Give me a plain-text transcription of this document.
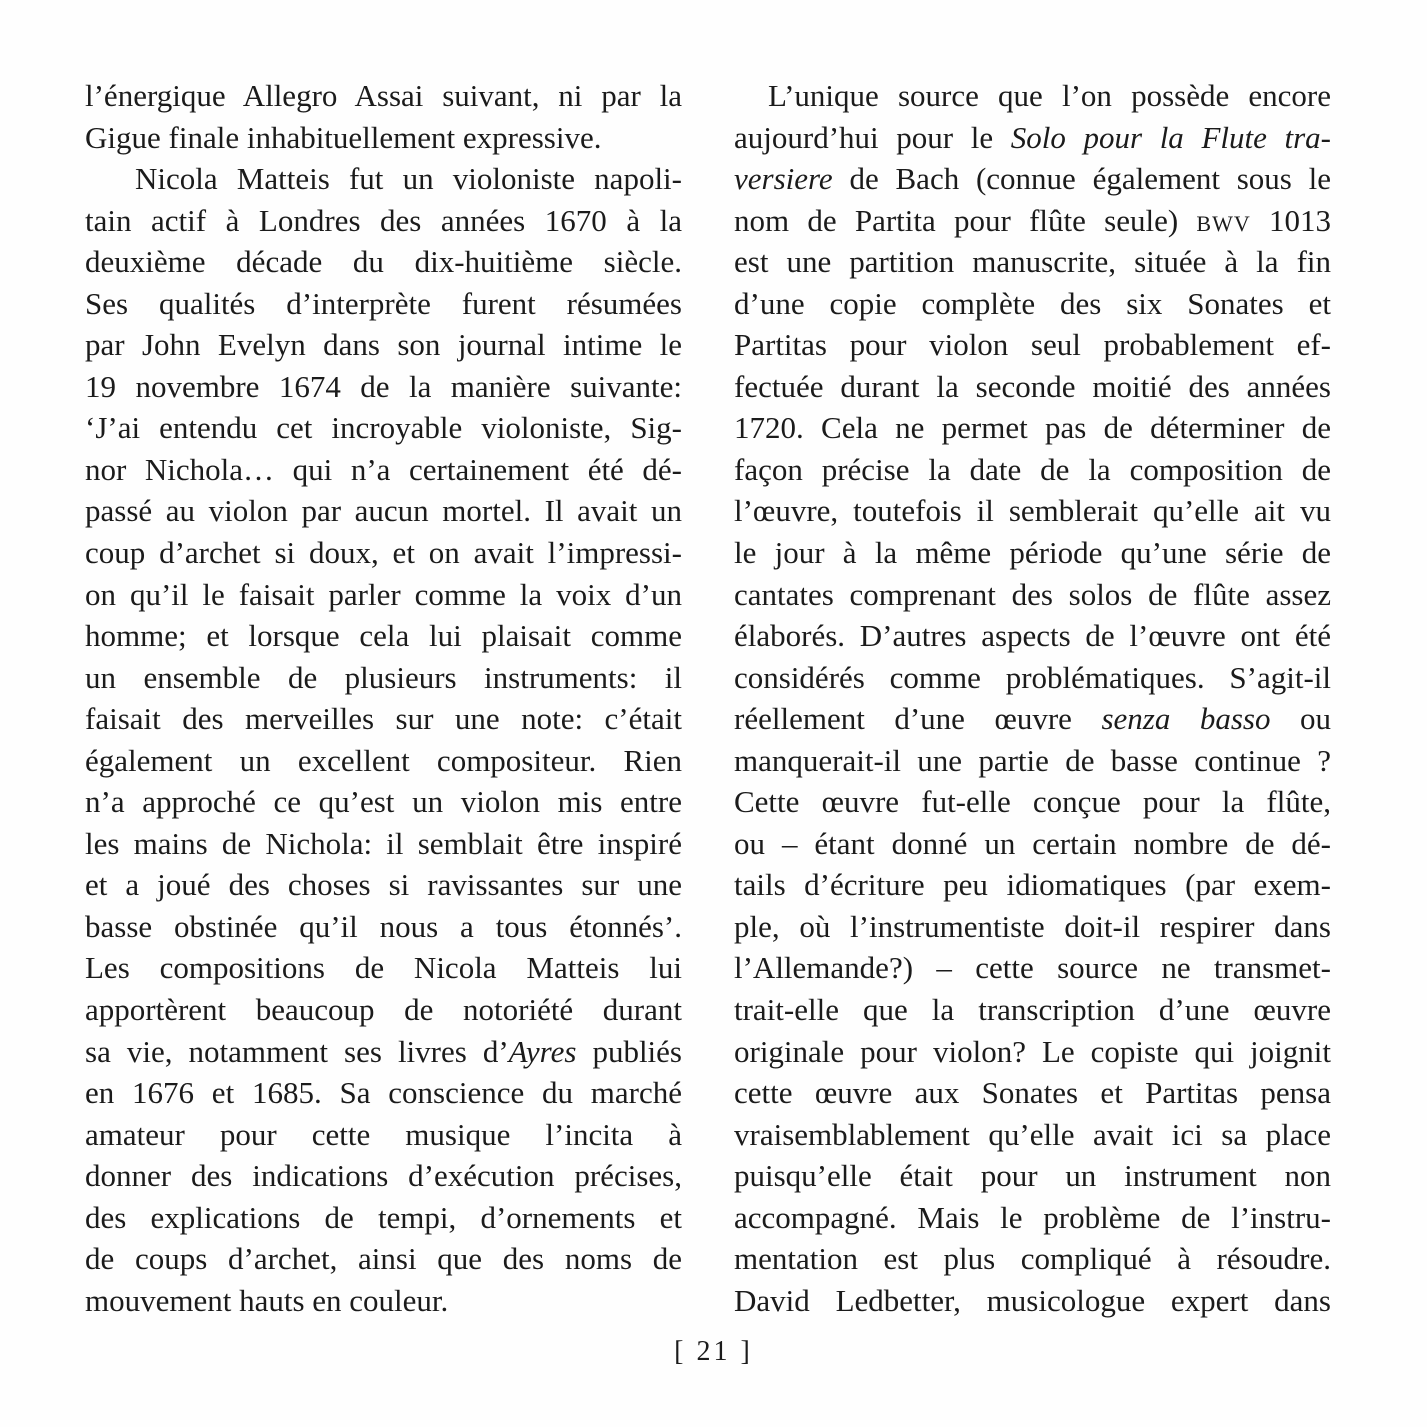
l’énergique Allegro Assai suivant, ni par la
Gigue finale inhabituellement expressive.
Nicola Matteis fut un violoniste napoli-
tain actif à Londres des années 1670 à la
deuxième décade du dix-huitième siècle.
Ses qualités d’interprète furent résumées
par John Evelyn dans son journal intime le
19 novembre 1674 de la manière suivante:
‘J’ai entendu cet incroyable violoniste, Sig-
nor Nichola… qui n’a certainement été dé-
passé au violon par aucun mortel. Il avait un
coup d’archet si doux, et on avait l’impressi-
on qu’il le faisait parler comme la voix d’un
homme; et lorsque cela lui plaisait comme
un ensemble de plusieurs instruments: il
faisait des merveilles sur une note: c’était
également un excellent compositeur. Rien
n’a approché ce qu’est un violon mis entre
les mains de Nichola: il semblait être inspiré
et a joué des choses si ravissantes sur une
basse obstinée qu’il nous a tous étonnés’.
Les compositions de Nicola Matteis lui
apportèrent beaucoup de notoriété durant
sa vie, notamment ses livres d’Ayres publiés
en 1676 et 1685. Sa conscience du marché
amateur pour cette musique l’incita à
donner des indications d’exécution précises,
des explications de tempi, d’ornements et
de coups d’archet, ainsi que des noms de
mouvement hauts en couleur.
L’unique source que l’on possède encore
aujourd’hui pour le Solo pour la Flute tra-
versiere de Bach (connue également sous le
nom de Partita pour flûte seule) bwv 1013
est une partition manuscrite, située à la fin
d’une copie complète des six Sonates et
Partitas pour violon seul probablement ef-
fectuée durant la seconde moitié des années
1720. Cela ne permet pas de déterminer de
façon précise la date de la composition de
l’œuvre, toutefois il semblerait qu’elle ait vu
le jour à la même période qu’une série de
cantates comprenant des solos de flûte assez
élaborés. D’autres aspects de l’œuvre ont été
considérés comme problématiques. S’agit-il
réellement d’une œuvre senza basso ou
manquerait-il une partie de basse continue ?
Cette œuvre fut-elle conçue pour la flûte,
ou – étant donné un certain nombre de dé-
tails d’écriture peu idiomatiques (par exem-
ple, où l’instrumentiste doit-il respirer dans
l’Allemande?) – cette source ne transmet-
trait-elle que la transcription d’une œuvre
originale pour violon? Le copiste qui joignit
cette œuvre aux Sonates et Partitas pensa
vraisemblablement qu’elle avait ici sa place
puisqu’elle était pour un instrument non
accompagné. Mais le problème de l’instru-
mentation est plus compliqué à résoudre.
David Ledbetter, musicologue expert dans
[ 21 ]
